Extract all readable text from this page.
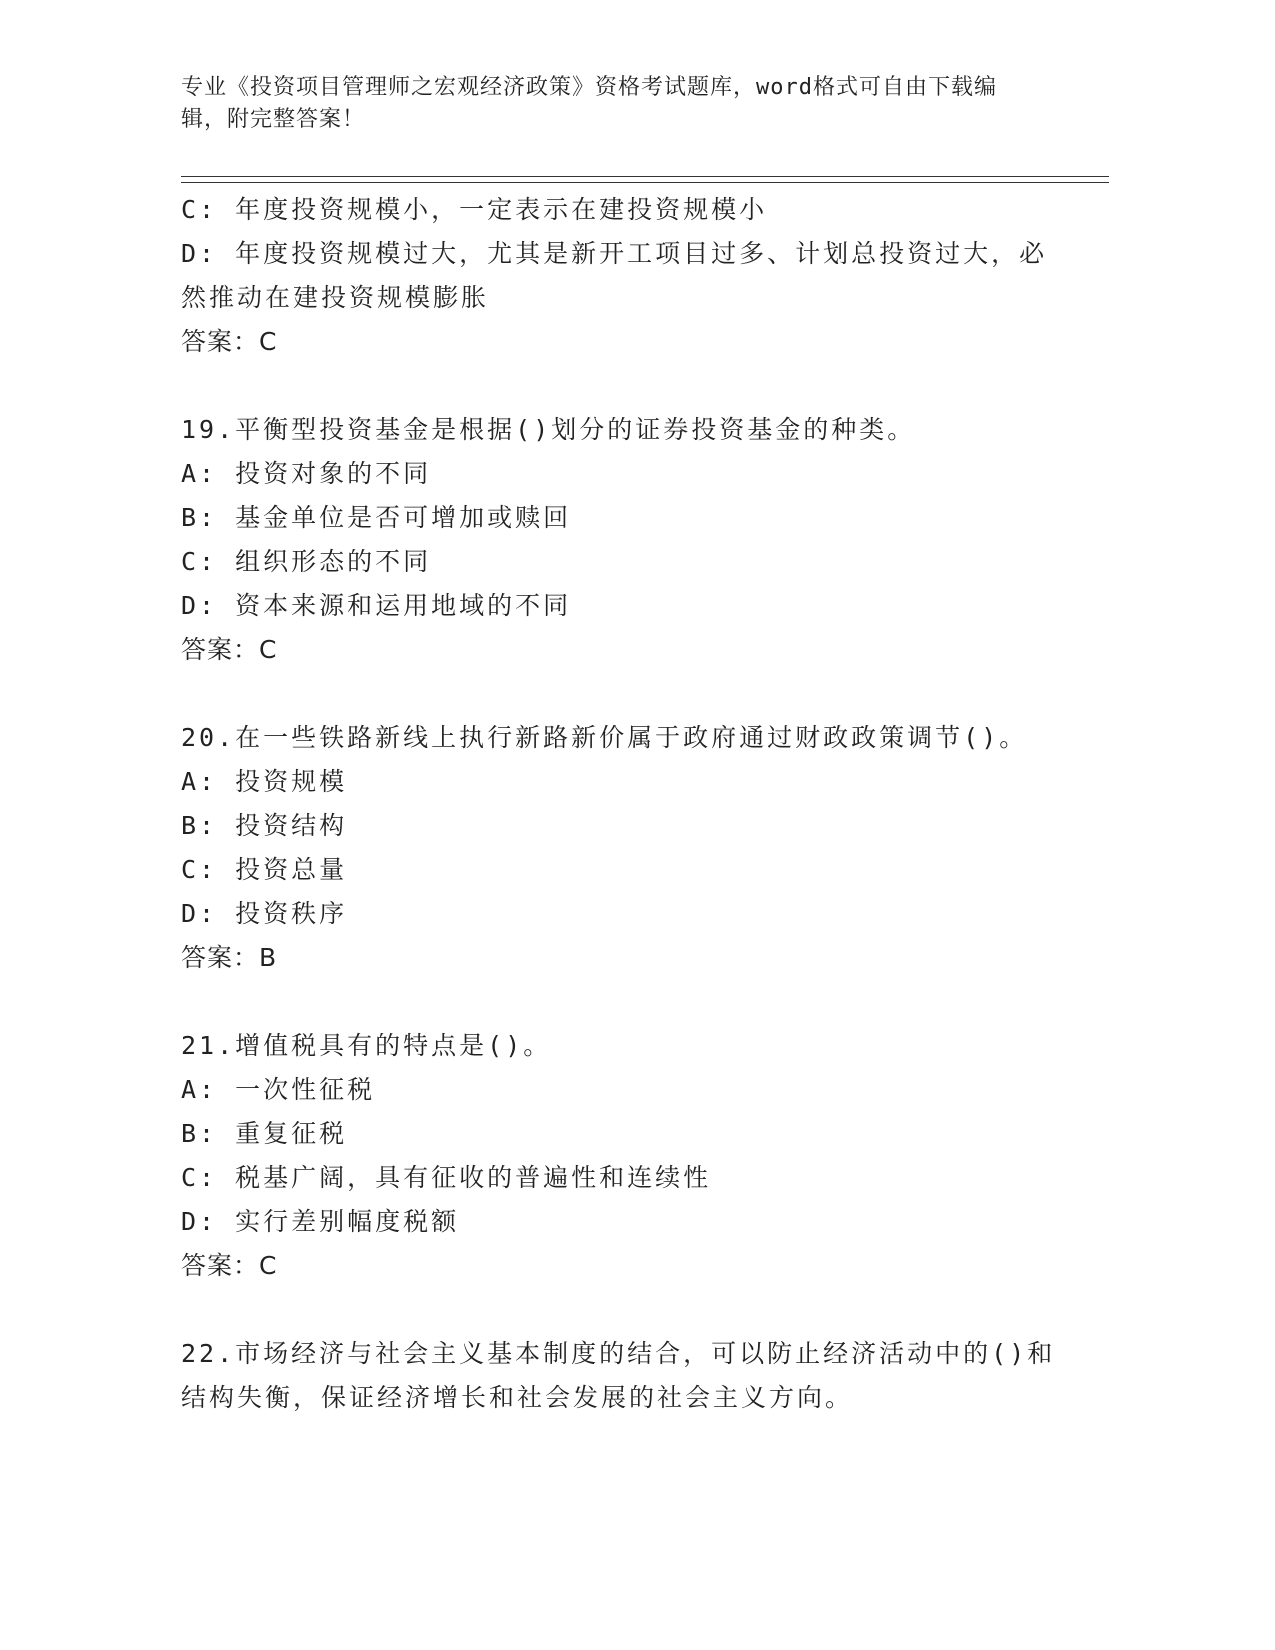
专业《投资项目管理师之宏观经济政策》资格考试题库，word格式可自由下载编
辑，附完整答案！
C: 年度投资规模小，一定表示在建投资规模小
D: 年度投资规模过大，尤其是新开工项目过多、计划总投资过大，必
然推动在建投资规模膨胀
答案：C
19.平衡型投资基金是根据()划分的证券投资基金的种类。
A: 投资对象的不同
B: 基金单位是否可增加或赎回
C: 组织形态的不同
D: 资本来源和运用地域的不同
答案：C
20.在一些铁路新线上执行新路新价属于政府通过财政政策调节()。
A: 投资规模
B: 投资结构
C: 投资总量
D: 投资秩序
答案：B
21.增值税具有的特点是()。
A: 一次性征税
B: 重复征税
C: 税基广阔，具有征收的普遍性和连续性
D: 实行差别幅度税额
答案：C
22.市场经济与社会主义基本制度的结合，可以防止经济活动中的()和
结构失衡，保证经济增长和社会发展的社会主义方向。
